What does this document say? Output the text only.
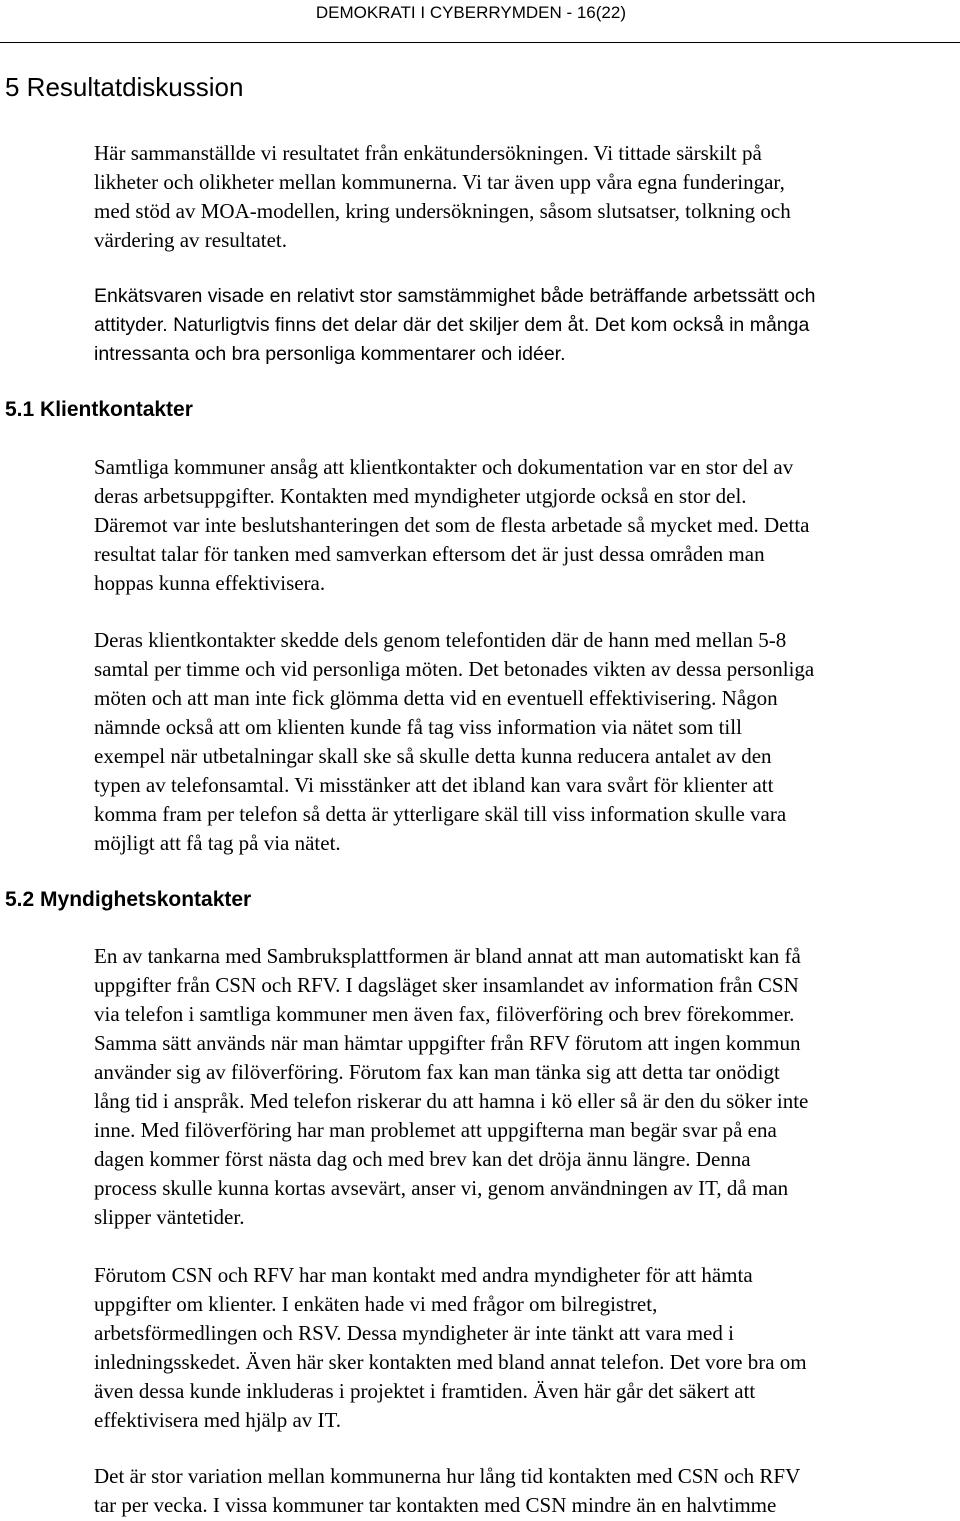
DEMOKRATI I CYBERRYMDEN - 16(22)
5 Resultatdiskussion
Här sammanställde vi resultatet från enkätundersökningen. Vi tittade särskilt på
likheter och olikheter mellan kommunerna. Vi tar även upp våra egna funderingar,
med stöd av MOA-modellen, kring undersökningen, såsom slutsatser, tolkning och
värdering av resultatet.
Enkätsvaren visade en relativt stor samstämmighet både beträffande arbetssätt och
attityder. Naturligtvis finns det delar där det skiljer dem åt. Det kom också in många
intressanta och bra personliga kommentarer och idéer.
5.1 Klientkontakter
Samtliga kommuner ansåg att klientkontakter och dokumentation var en stor del av
deras arbetsuppgifter. Kontakten med myndigheter utgjorde också en stor del.
Däremot var inte beslutshanteringen det som de flesta arbetade så mycket med. Detta
resultat talar för tanken med samverkan eftersom det är just dessa områden man
hoppas kunna effektivisera.
Deras klientkontakter skedde dels genom telefontiden där de hann med mellan 5-8
samtal per timme och vid personliga möten. Det betonades vikten av dessa personliga
möten och att man inte fick glömma detta vid en eventuell effektivisering. Någon
nämnde också att om klienten kunde få tag viss information via nätet som till
exempel när utbetalningar skall ske så skulle detta kunna reducera antalet av den
typen av telefonsamtal. Vi misstänker att det ibland kan vara svårt för klienter att
komma fram per telefon så detta är ytterligare skäl till viss information skulle vara
möjligt att få tag på via nätet.
5.2 Myndighetskontakter
En av tankarna med Sambruksplattformen är bland annat att man automatiskt kan få
uppgifter från CSN och RFV. I dagsläget sker insamlandet av information från CSN
via telefon i samtliga kommuner men även fax, filöverföring och brev förekommer.
Samma sätt används när man hämtar uppgifter från RFV förutom att ingen kommun
använder sig av filöverföring. Förutom fax kan man tänka sig att detta tar onödigt
lång tid i anspråk. Med telefon riskerar du att hamna i kö eller så är den du söker inte
inne. Med filöverföring har man problemet att uppgifterna man begär svar på ena
dagen kommer först nästa dag och med brev kan det dröja ännu längre. Denna
process skulle kunna kortas avsevärt, anser vi, genom användningen av IT, då man
slipper väntetider.
Förutom CSN och RFV har man kontakt med andra myndigheter för att hämta
uppgifter om klienter. I enkäten hade vi med frågor om bilregistret,
arbetsförmedlingen och RSV. Dessa myndigheter är inte tänkt att vara med i
inledningsskedet. Även här sker kontakten med bland annat telefon. Det vore bra om
även dessa kunde inkluderas i projektet i framtiden. Även här går det säkert att
effektivisera med hjälp av IT.
Det är stor variation mellan kommunerna hur lång tid kontakten med CSN och RFV
tar per vecka. I vissa kommuner tar kontakten med CSN mindre än en halvtimme
